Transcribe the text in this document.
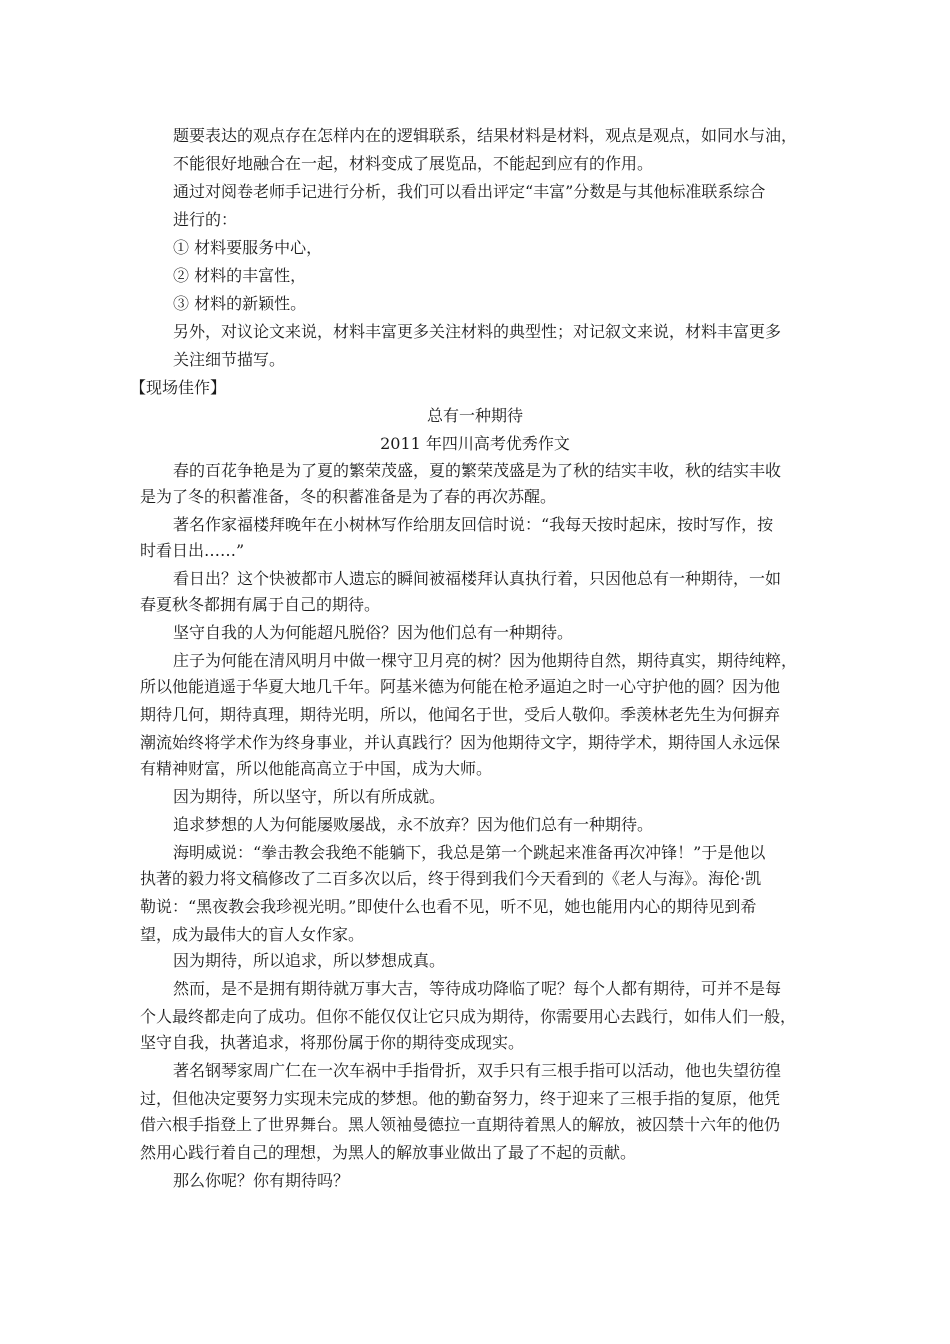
题要表达的观点存在怎样内在的逻辑联系，结果材料是材料，观点是观点，如同水与油，
不能很好地融合在一起，材料变成了展览品，不能起到应有的作用。
通过对阅卷老师手记进行分析，我们可以看出评定“丰富”分数是与其他标准联系综合
进行的：
① 材料要服务中心，
② 材料的丰富性，
③ 材料的新颖性。
另外，对议论文来说，材料丰富更多关注材料的典型性；对记叙文来说，材料丰富更多
关注细节描写。
【现场佳作】
总有一种期待
2011 年四川高考优秀作文
春的百花争艳是为了夏的繁荣茂盛，夏的繁荣茂盛是为了秋的结实丰收，秋的结实丰收
是为了冬的积蓄准备，冬的积蓄准备是为了春的再次苏醒。
著名作家福楼拜晚年在小树林写作给朋友回信时说：“我每天按时起床，按时写作，按
时看日出……”
看日出？这个快被都市人遗忘的瞬间被福楼拜认真执行着，只因他总有一种期待，一如
春夏秋冬都拥有属于自己的期待。
坚守自我的人为何能超凡脱俗？因为他们总有一种期待。
庄子为何能在清风明月中做一棵守卫月亮的树？因为他期待自然，期待真实，期待纯粹，
所以他能逍遥于华夏大地几千年。阿基米德为何能在枪矛逼迫之时一心守护他的圆？因为他
期待几何，期待真理，期待光明，所以，他闻名于世，受后人敬仰。季羡林老先生为何摒弃
潮流始终将学术作为终身事业，并认真践行？因为他期待文字，期待学术，期待国人永远保
有精神财富，所以他能高高立于中国，成为大师。
因为期待，所以坚守，所以有所成就。
追求梦想的人为何能屡败屡战，永不放弃？因为他们总有一种期待。
海明威说：“拳击教会我绝不能躺下，我总是第一个跳起来准备再次冲锋！”于是他以
执著的毅力将文稿修改了二百多次以后，终于得到我们今天看到的《老人与海》。海伦·凯
勒说：“黑夜教会我珍视光明。”即使什么也看不见，听不见，她也能用内心的期待见到希
望，成为最伟大的盲人女作家。
因为期待，所以追求，所以梦想成真。
然而，是不是拥有期待就万事大吉，等待成功降临了呢？每个人都有期待，可并不是每
个人最终都走向了成功。但你不能仅仅让它只成为期待，你需要用心去践行，如伟人们一般，
坚守自我，执著追求，将那份属于你的期待变成现实。
著名钢琴家周广仁在一次车祸中手指骨折，双手只有三根手指可以活动，他也失望彷徨
过，但他决定要努力实现未完成的梦想。他的勤奋努力，终于迎来了三根手指的复原，他凭
借六根手指登上了世界舞台。黑人领袖曼德拉一直期待着黑人的解放，被囚禁十六年的他仍
然用心践行着自己的理想，为黑人的解放事业做出了最了不起的贡献。
那么你呢？你有期待吗？
